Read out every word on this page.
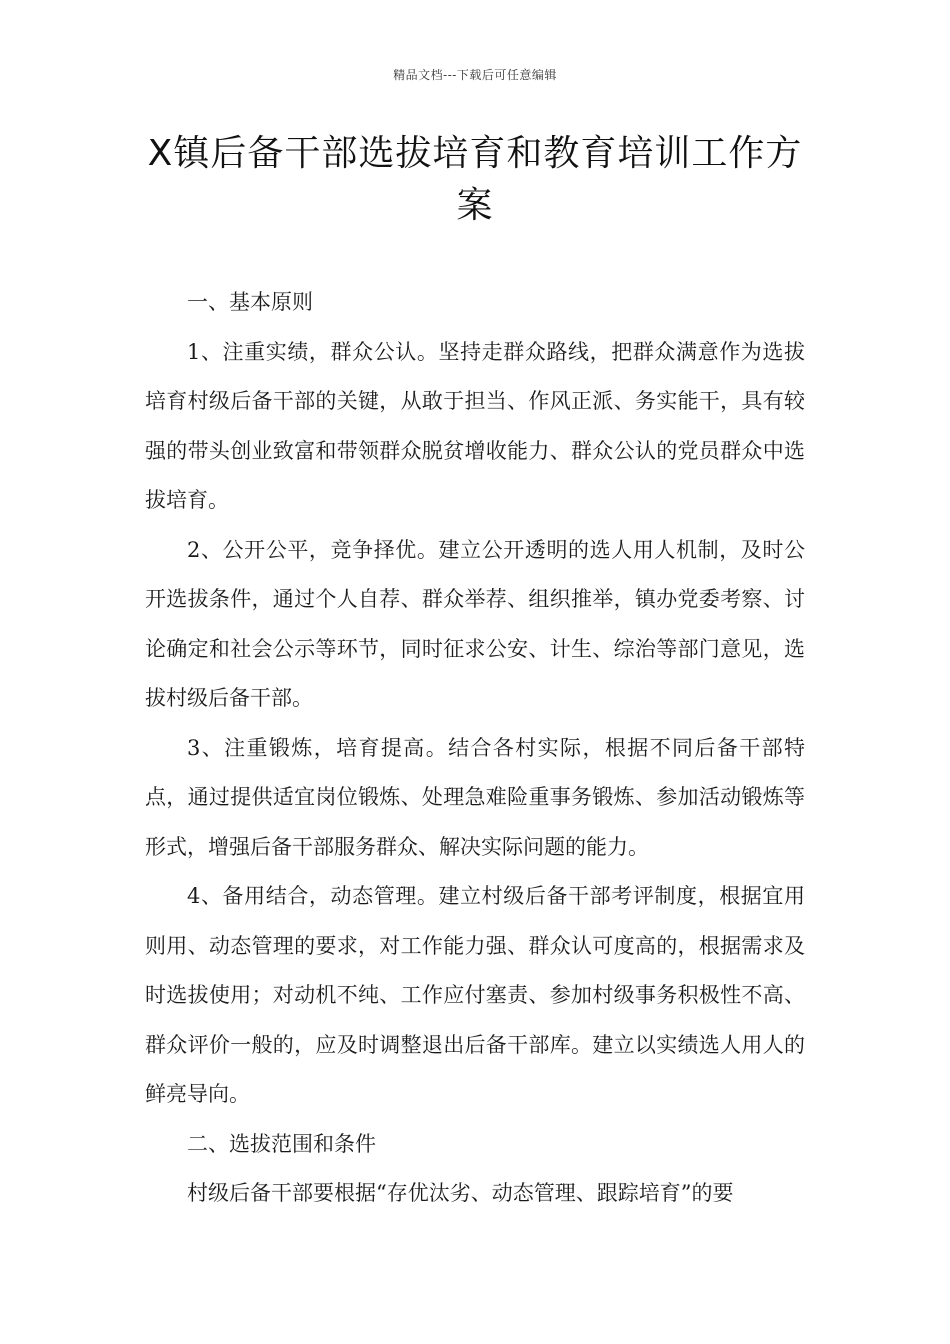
精品文档---下载后可任意编辑
X镇后备干部选拔培育和教育培训工作方案

一、基本原则

1、注重实绩，群众公认。坚持走群众路线，把群众满意作为选拔培育村级后备干部的关键，从敢于担当、作风正派、务实能干，具有较强的带头创业致富和带领群众脱贫增收能力、群众公认的党员群众中选拔培育。

2、公开公平，竞争择优。建立公开透明的选人用人机制，及时公开选拔条件，通过个人自荐、群众举荐、组织推举，镇办党委考察、讨论确定和社会公示等环节，同时征求公安、计生、综治等部门意见，选拔村级后备干部。

3、注重锻炼，培育提高。结合各村实际，根据不同后备干部特点，通过提供适宜岗位锻炼、处理急难险重事务锻炼、参加活动锻炼等形式，增强后备干部服务群众、解决实际问题的能力。

4、备用结合，动态管理。建立村级后备干部考评制度，根据宜用则用、动态管理的要求，对工作能力强、群众认可度高的，根据需求及时选拔使用；对动机不纯、工作应付塞责、参加村级事务积极性不高、群众评价一般的，应及时调整退出后备干部库。建立以实绩选人用人的鲜亮导向。

二、选拔范围和条件

村级后备干部要根据“存优汰劣、动态管理、跟踪培育”的要
